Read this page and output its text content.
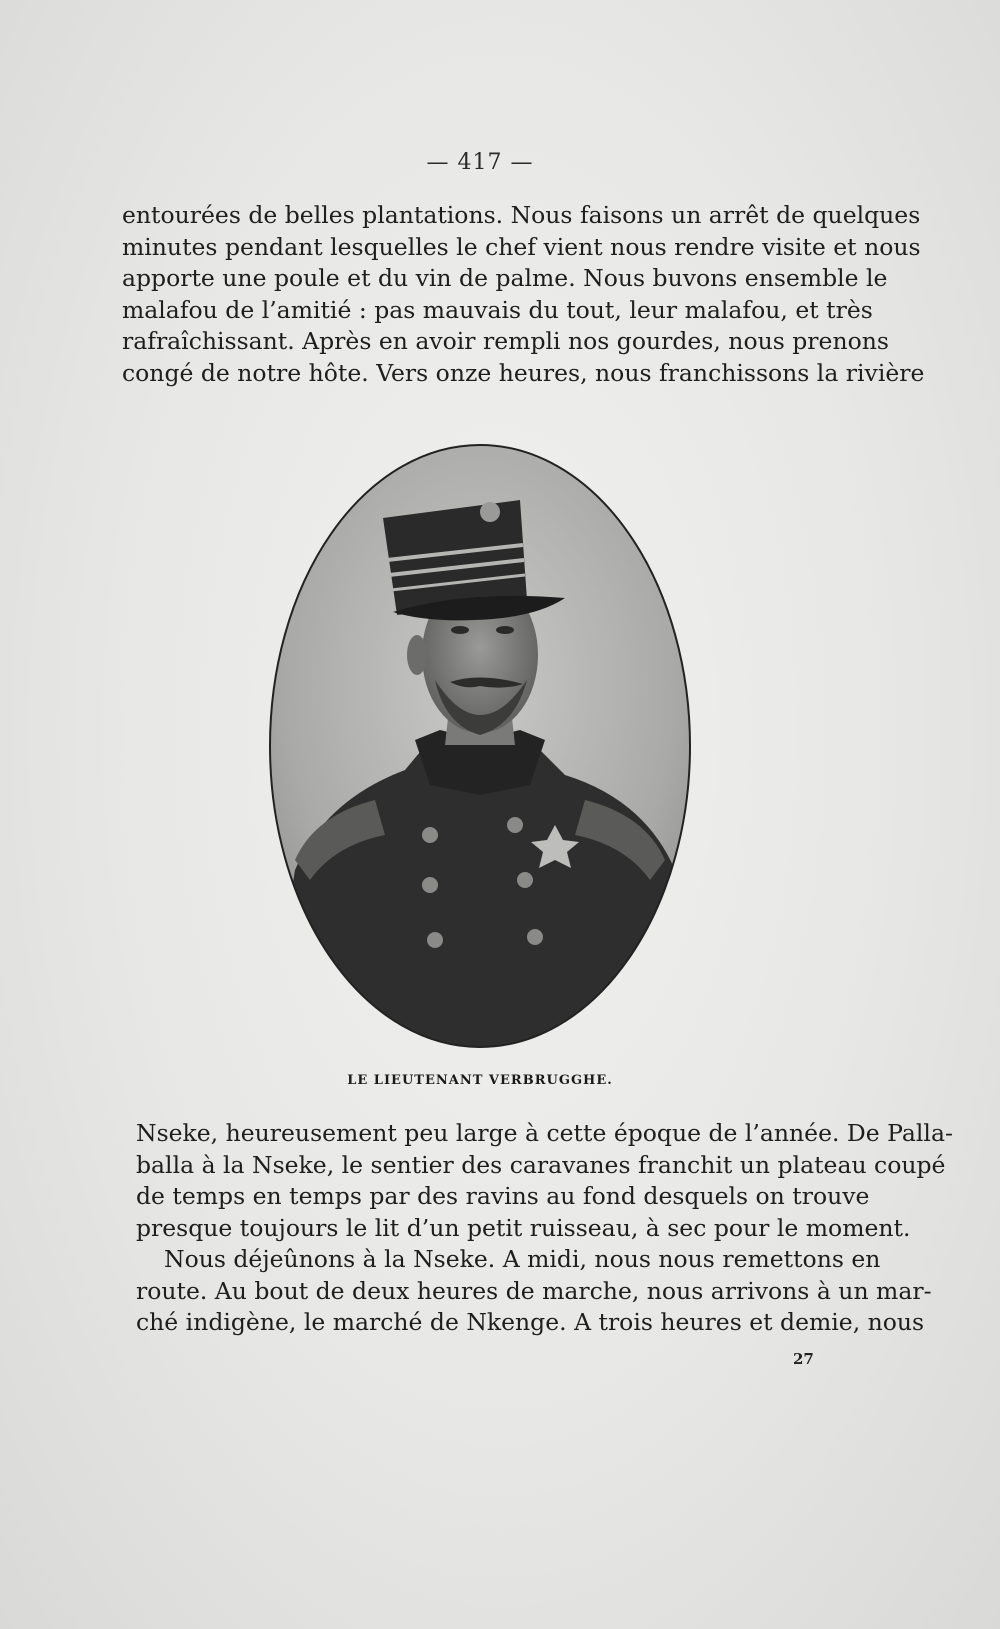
— 417 —
entourées de belles plantations. Nous faisons un arrêt de quelques
minutes pendant lesquelles le chef vient nous rendre visite et nous
apporte une poule et du vin de palme. Nous buvons ensemble le
malafou de l’amitié : pas mauvais du tout, leur malafou, et très
rafraîchissant. Après en avoir rempli nos gourdes, nous prenons
congé de notre hôte. Vers onze heures, nous franchissons la rivière
LE LIEUTENANT VERBRUGGHE.
Nseke, heureusement peu large à cette époque de l’année. De Palla-
balla à la Nseke, le sentier des caravanes franchit un plateau coupé
de temps en temps par des ravins au fond desquels on trouve
presque toujours le lit d’un petit ruisseau, à sec pour le moment.
Nous déjeûnons à la Nseke. A midi, nous nous remettons en
route. Au bout de deux heures de marche, nous arrivons à un mar-
ché indigène, le marché de Nkenge. A trois heures et demie, nous
27
